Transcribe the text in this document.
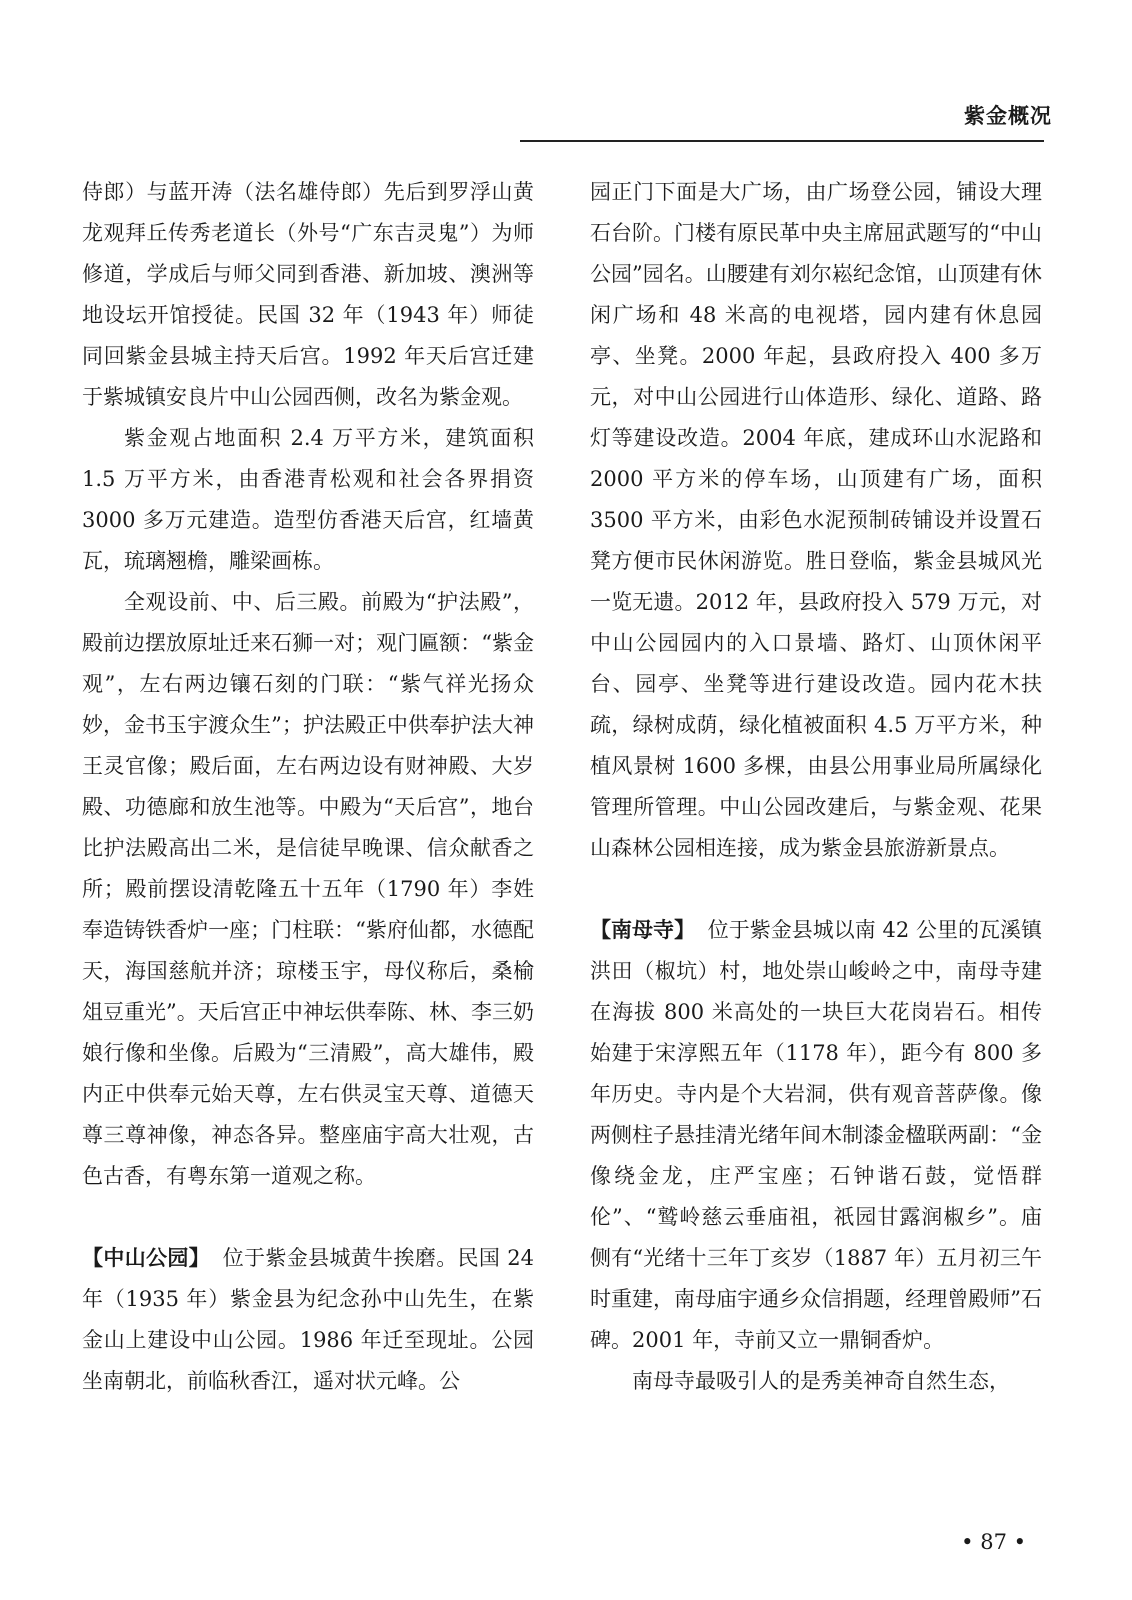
紫金概况

侍郎）与蓝开涛（法名雄侍郎）先后到罗浮山黄龙观拜丘传秀老道长（外号“广东吉灵鬼”）为师修道，学成后与师父同到香港、新加坡、澳洲等地设坛开馆授徒。民国 32 年（1943 年）师徒同回紫金县城主持天后宫。1992 年天后宫迁建于紫城镇安良片中山公园西侧，改名为紫金观。

紫金观占地面积 2.4 万平方米，建筑面积 1.5 万平方米，由香港青松观和社会各界捐资 3000 多万元建造。造型仿香港天后宫，红墙黄瓦，琉璃翘檐，雕梁画栋。

全观设前、中、后三殿。前殿为“护法殿”，殿前边摆放原址迁来石狮一对；观门匾额：“紫金观”，左右两边镶石刻的门联：“紫气祥光扬众妙，金书玉宇渡众生”；护法殿正中供奉护法大神王灵官像；殿后面，左右两边设有财神殿、大岁殿、功德廊和放生池等。中殿为“天后宫”，地台比护法殿高出二米，是信徒早晚课、信众献香之所；殿前摆设清乾隆五十五年（1790 年）李姓奉造铸铁香炉一座；门柱联：“紫府仙都，水德配天，海国慈航并济；琼楼玉宇，母仪称后，桑榆俎豆重光”。天后宫正中神坛供奉陈、林、李三奶娘行像和坐像。后殿为“三清殿”，高大雄伟，殿内正中供奉元始天尊，左右供灵宝天尊、道德天尊三尊神像，神态各异。整座庙宇高大壮观，古色古香，有粤东第一道观之称。

【中山公园】 位于紫金县城黄牛挨磨。民国 24 年（1935 年）紫金县为纪念孙中山先生，在紫金山上建设中山公园。1986 年迁至现址。公园坐南朝北，前临秋香江，遥对状元峰。公

园正门下面是大广场，由广场登公园，铺设大理石台阶。门楼有原民革中央主席屈武题写的“中山公园”园名。山腰建有刘尔崧纪念馆，山顶建有休闲广场和 48 米高的电视塔，园内建有休息园亭、坐凳。2000 年起，县政府投入 400 多万元，对中山公园进行山体造形、绿化、道路、路灯等建设改造。2004 年底，建成环山水泥路和 2000 平方米的停车场，山顶建有广场，面积 3500 平方米，由彩色水泥预制砖铺设并设置石凳方便市民休闲游览。胜日登临，紫金县城风光一览无遗。2012 年，县政府投入 579 万元，对中山公园园内的入口景墙、路灯、山顶休闲平台、园亭、坐凳等进行建设改造。园内花木扶疏，绿树成荫，绿化植被面积 4.5 万平方米，种植风景树 1600 多棵，由县公用事业局所属绿化管理所管理。中山公园改建后，与紫金观、花果山森林公园相连接，成为紫金县旅游新景点。

【南母寺】 位于紫金县城以南 42 公里的瓦溪镇洪田（椒坑）村，地处崇山峻岭之中，南母寺建在海拔 800 米高处的一块巨大花岗岩石。相传始建于宋淳熙五年（1178 年），距今有 800 多年历史。寺内是个大岩洞，供有观音菩萨像。像两侧柱子悬挂清光绪年间木制漆金楹联两副：“金像绕金龙，庄严宝座；石钟谐石鼓，觉悟群伦”、“鹫岭慈云垂庙祖，祇园甘露润椒乡”。庙侧有“光绪十三年丁亥岁（1887 年）五月初三午时重建，南母庙宇通乡众信捐题，经理曾殿师”石碑。2001 年，寺前又立一鼎铜香炉。

南母寺最吸引人的是秀美神奇自然生态，

• 87 •
